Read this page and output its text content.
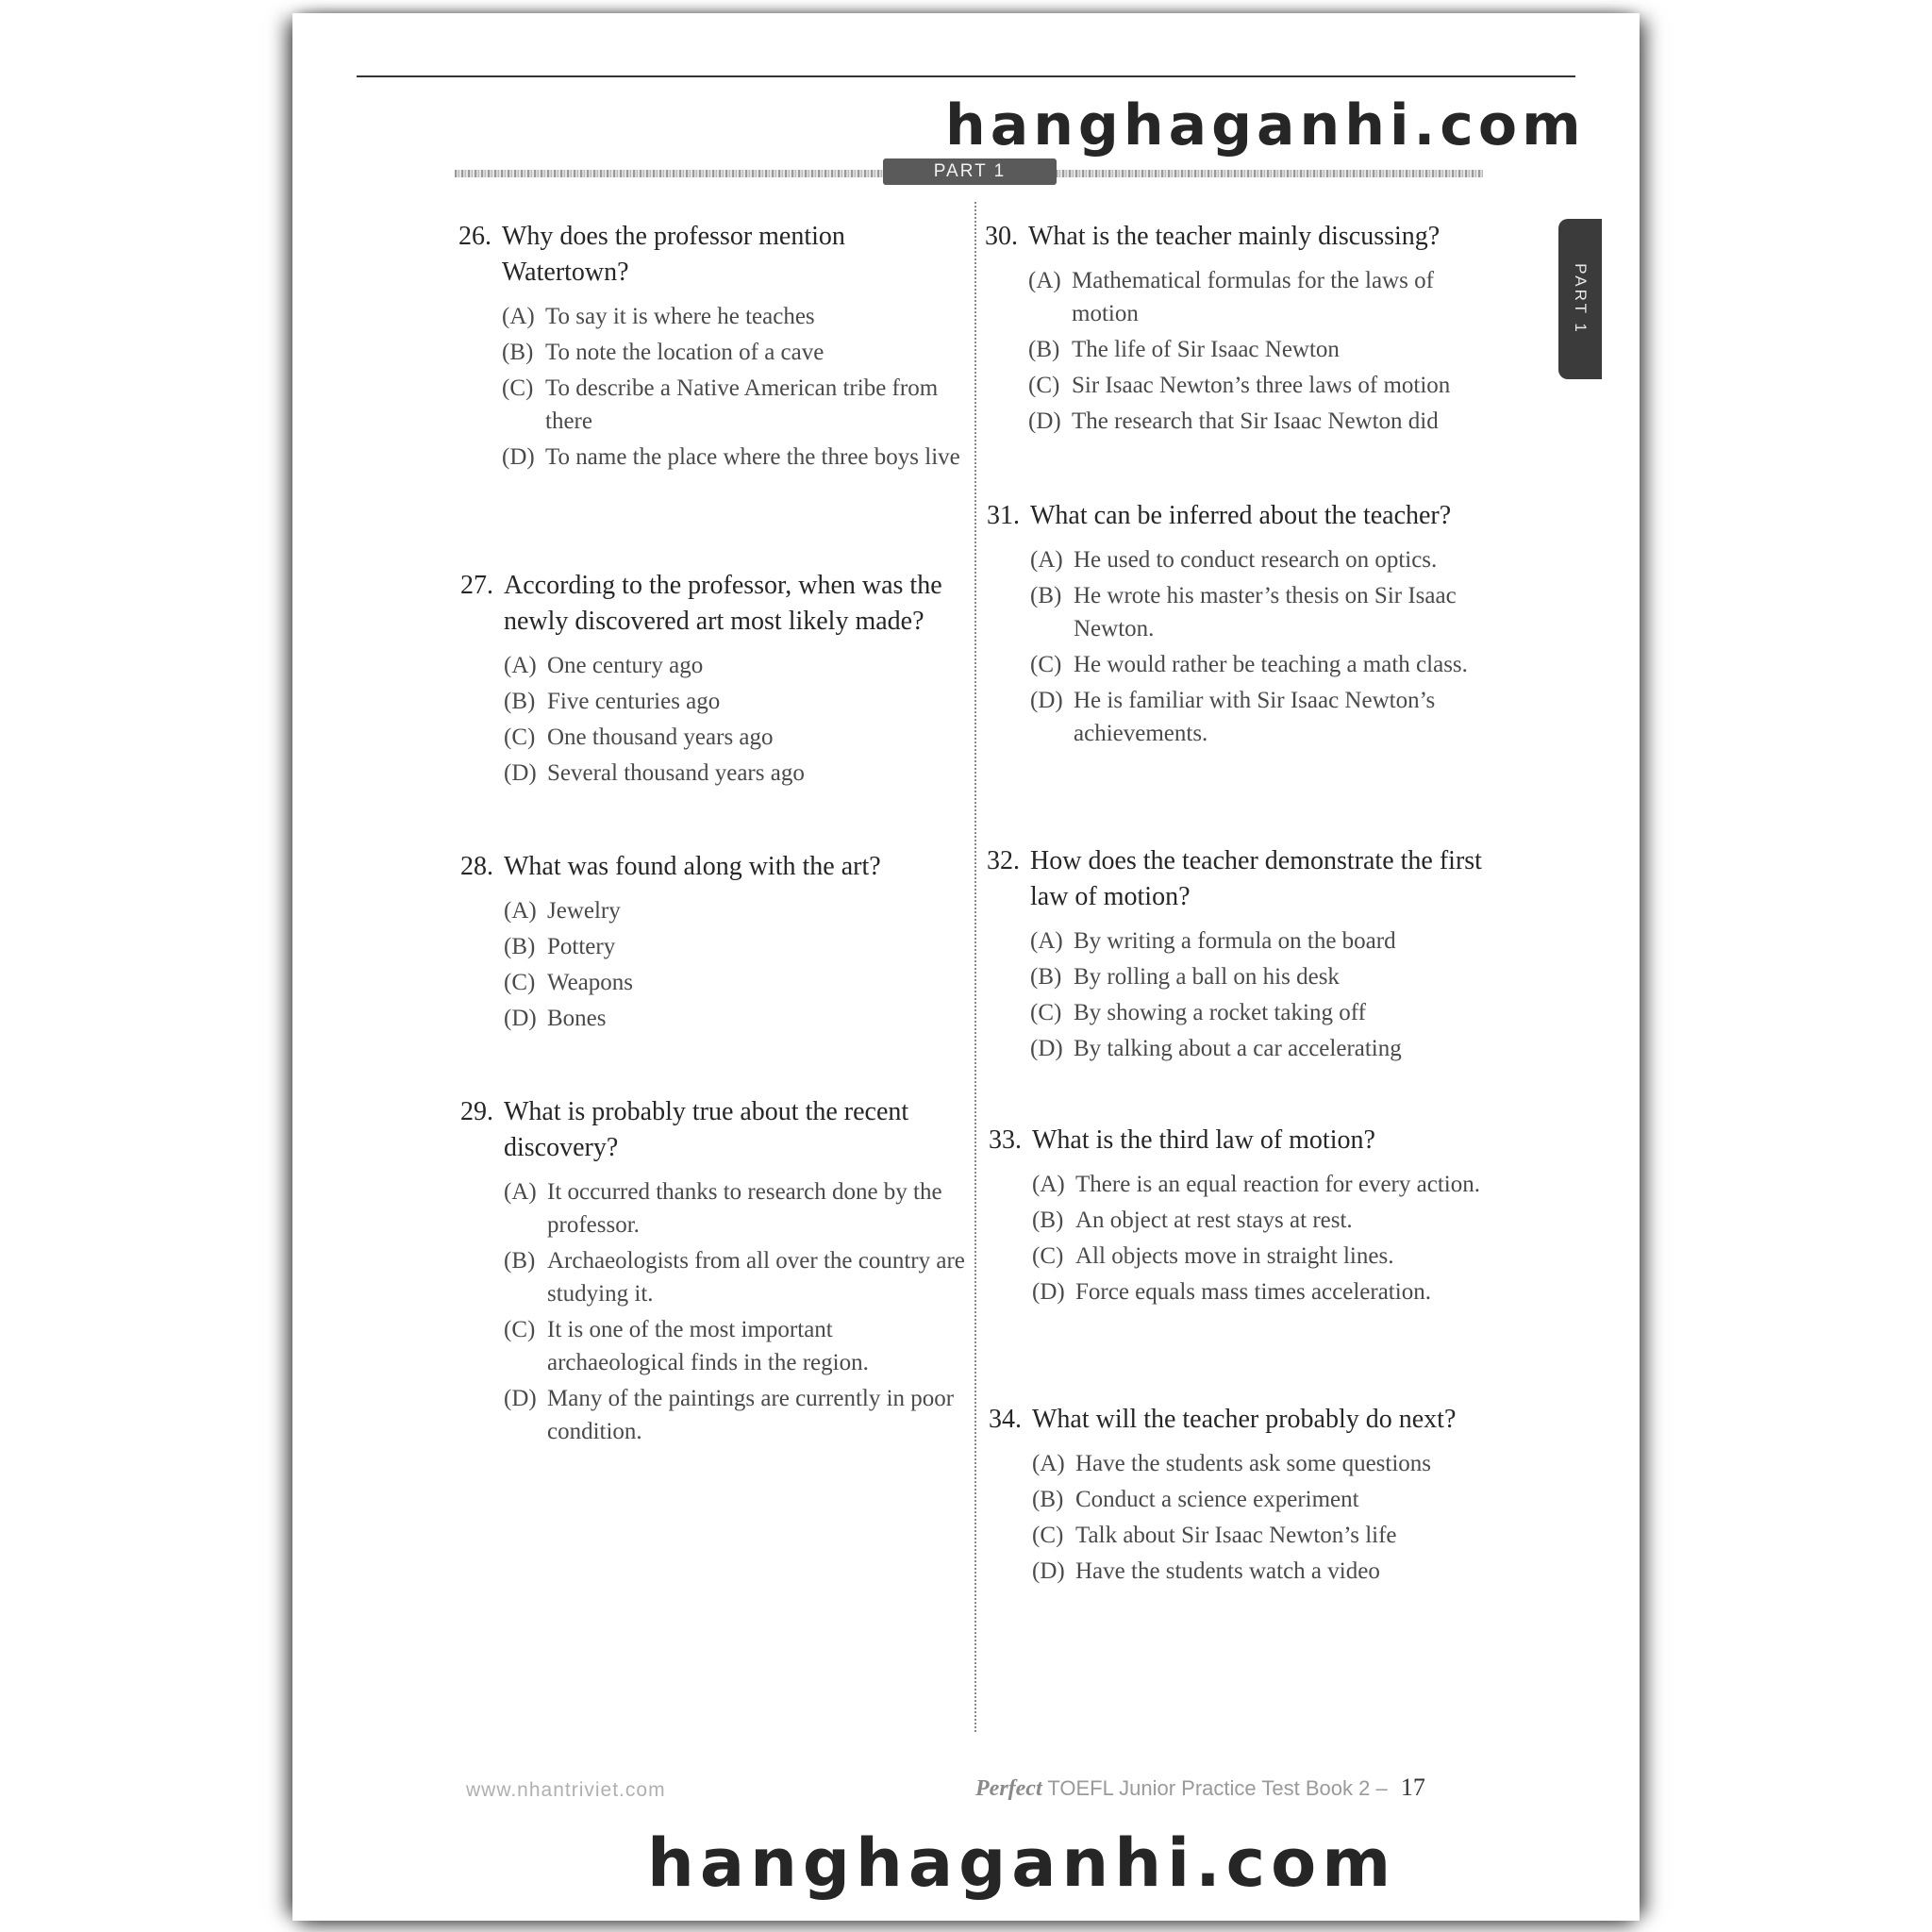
hanghaganhi.com
PART 1
PART 1
26. Why does the professor mention Watertown?
(A) To say it is where he teaches
(B) To note the location of a cave
(C) To describe a Native American tribe from there
(D) To name the place where the three boys live
27. According to the professor, when was the newly discovered art most likely made?
(A) One century ago
(B) Five centuries ago
(C) One thousand years ago
(D) Several thousand years ago
28. What was found along with the art?
(A) Jewelry
(B) Pottery
(C) Weapons
(D) Bones
29. What is probably true about the recent discovery?
(A) It occurred thanks to research done by the professor.
(B) Archaeologists from all over the country are studying it.
(C) It is one of the most important archaeological finds in the region.
(D) Many of the paintings are currently in poor condition.
30. What is the teacher mainly discussing?
(A) Mathematical formulas for the laws of motion
(B) The life of Sir Isaac Newton
(C) Sir Isaac Newton’s three laws of motion
(D) The research that Sir Isaac Newton did
31. What can be inferred about the teacher?
(A) He used to conduct research on optics.
(B) He wrote his master’s thesis on Sir Isaac Newton.
(C) He would rather be teaching a math class.
(D) He is familiar with Sir Isaac Newton’s achievements.
32. How does the teacher demonstrate the first law of motion?
(A) By writing a formula on the board
(B) By rolling a ball on his desk
(C) By showing a rocket taking off
(D) By talking about a car accelerating
33. What is the third law of motion?
(A) There is an equal reaction for every action.
(B) An object at rest stays at rest.
(C) All objects move in straight lines.
(D) Force equals mass times acceleration.
34. What will the teacher probably do next?
(A) Have the students ask some questions
(B) Conduct a science experiment
(C) Talk about Sir Isaac Newton’s life
(D) Have the students watch a video
www.nhantriviet.com	Perfect TOEFL Junior Practice Test Book 2 – 17
hanghaganhi.com
